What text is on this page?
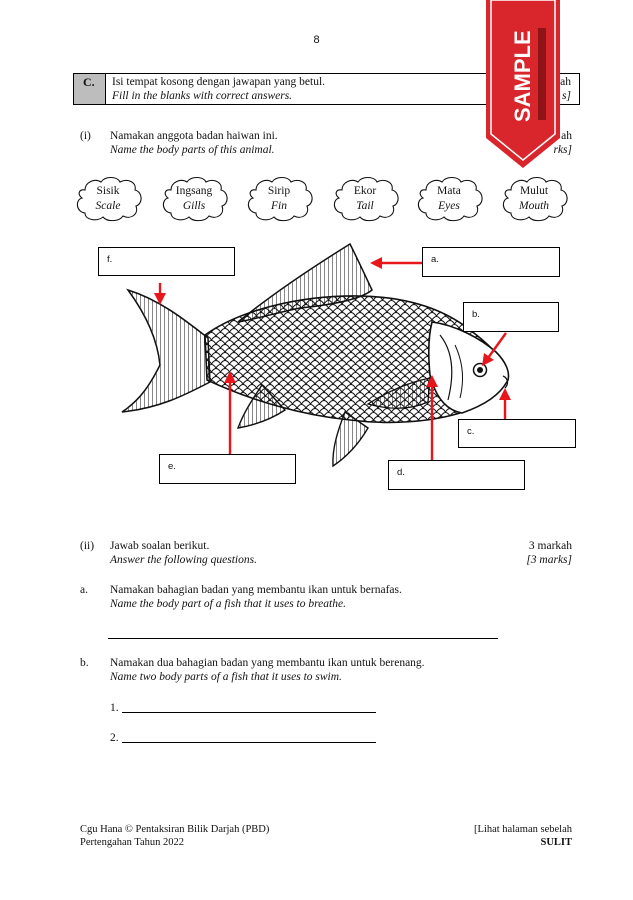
8
C.	Isi tempat kosong dengan jawapan yang betul.
Fill in the blanks with correct answers.
ah
s]
(i) Namakan anggota badan haiwan ini.
Name the body parts of this animal.
ah
rks]
Sisik
Scale
Ingsang
Gills
Sirip
Fin
Ekor
Tail
Mata
Eyes
Mulut
Mouth
f.	a.
b.
c.
d.
e.
(ii) Jawab soalan berikut.
Answer the following questions.
3 markah
[3 marks]
a. Namakan bahagian badan yang membantu ikan untuk bernafas.
Name the body part of a fish that it uses to breathe.
b. Namakan dua bahagian badan yang membantu ikan untuk berenang.
Name two body parts of a fish that it uses to swim.
1.
2.
Cgu Hana © Pentaksiran Bilik Darjah (PBD)
Pertengahan Tahun 2022
[Lihat halaman sebelah
SULIT
SAMPLE
